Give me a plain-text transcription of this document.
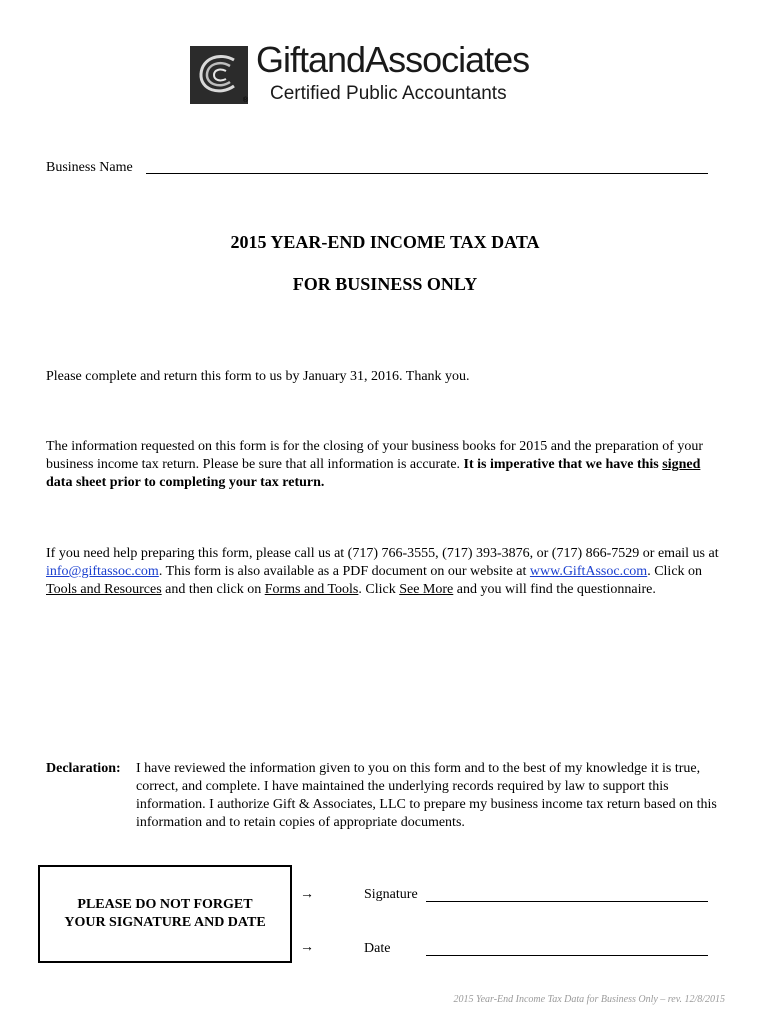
®
GiftandAssociates
Certified Public Accountants
Business Name
2015 YEAR-END INCOME TAX DATA
FOR BUSINESS ONLY
Please complete and return this form to us by January 31, 2016. Thank you.
The information requested on this form is for the closing of your business books for 2015 and the preparation of your business income tax return. Please be sure that all information is accurate. It is imperative that we have this signed data sheet prior to completing your tax return.
If you need help preparing this form, please call us at (717) 766-3555, (717) 393-3876, or (717) 866-7529 or email us at info@giftassoc.com. This form is also available as a PDF document on our website at www.GiftAssoc.com. Click on Tools and Resources and then click on Forms and Tools. Click See More and you will find the questionnaire.
Declaration: I have reviewed the information given to you on this form and to the best of my knowledge it is true, correct, and complete. I have maintained the underlying records required by law to support this information. I authorize Gift & Associates, LLC to prepare my business income tax return based on this information and to retain copies of appropriate documents.
PLEASE DO NOT FORGET
YOUR SIGNATURE AND DATE
→	Signature
→	Date
2015 Year-End Income Tax Data for Business Only – rev. 12/8/2015
